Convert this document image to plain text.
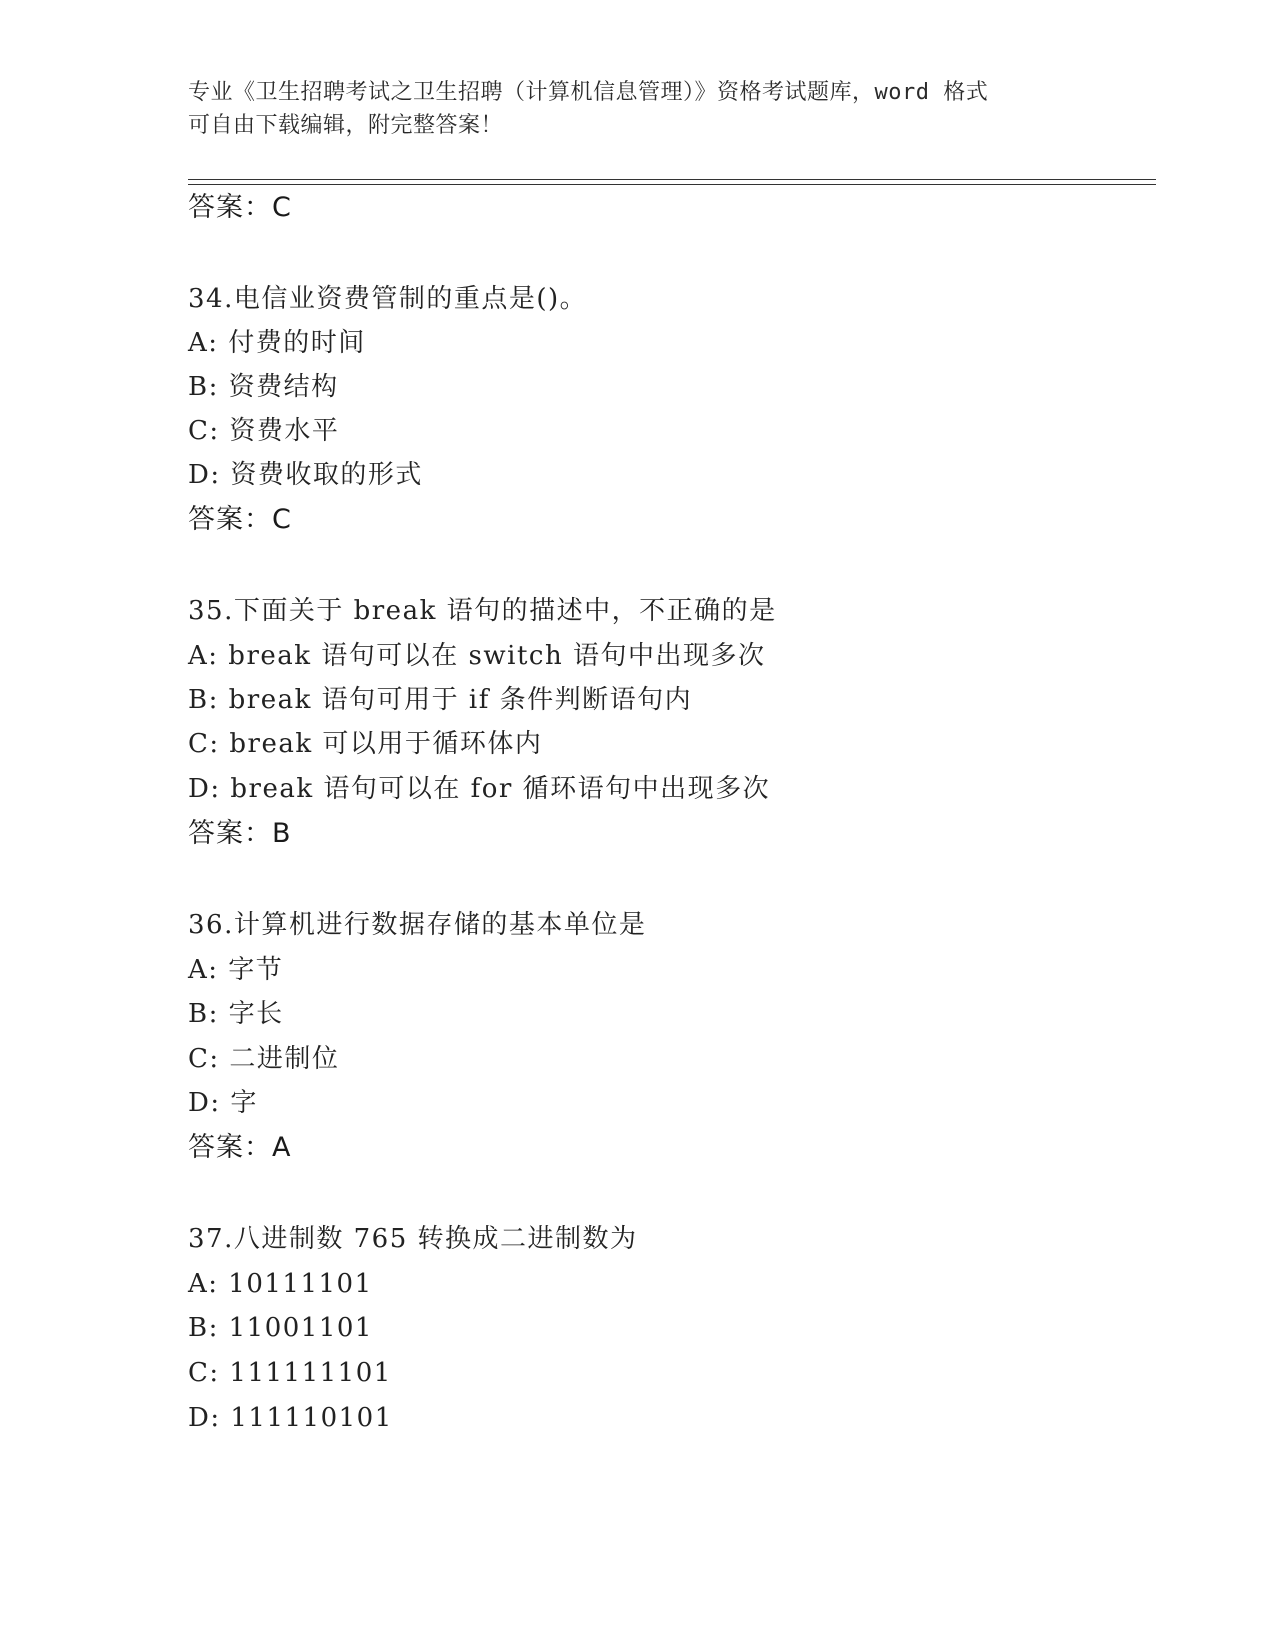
专业《卫生招聘考试之卫生招聘（计算机信息管理）》资格考试题库，word 格式
可自由下载编辑，附完整答案！
答案：C
34.电信业资费管制的重点是()。
A: 付费的时间
B: 资费结构
C: 资费水平
D: 资费收取的形式
答案：C
35.下面关于 break 语句的描述中，不正确的是
A: break 语句可以在 switch 语句中出现多次
B: break 语句可用于 if 条件判断语句内
C: break 可以用于循环体内
D: break 语句可以在 for 循环语句中出现多次
答案：B
36.计算机进行数据存储的基本单位是
A: 字节
B: 字长
C: 二进制位
D: 字
答案：A
37.八进制数 765 转换成二进制数为
A: 10111101
B: 11001101
C: 111111101
D: 111110101
